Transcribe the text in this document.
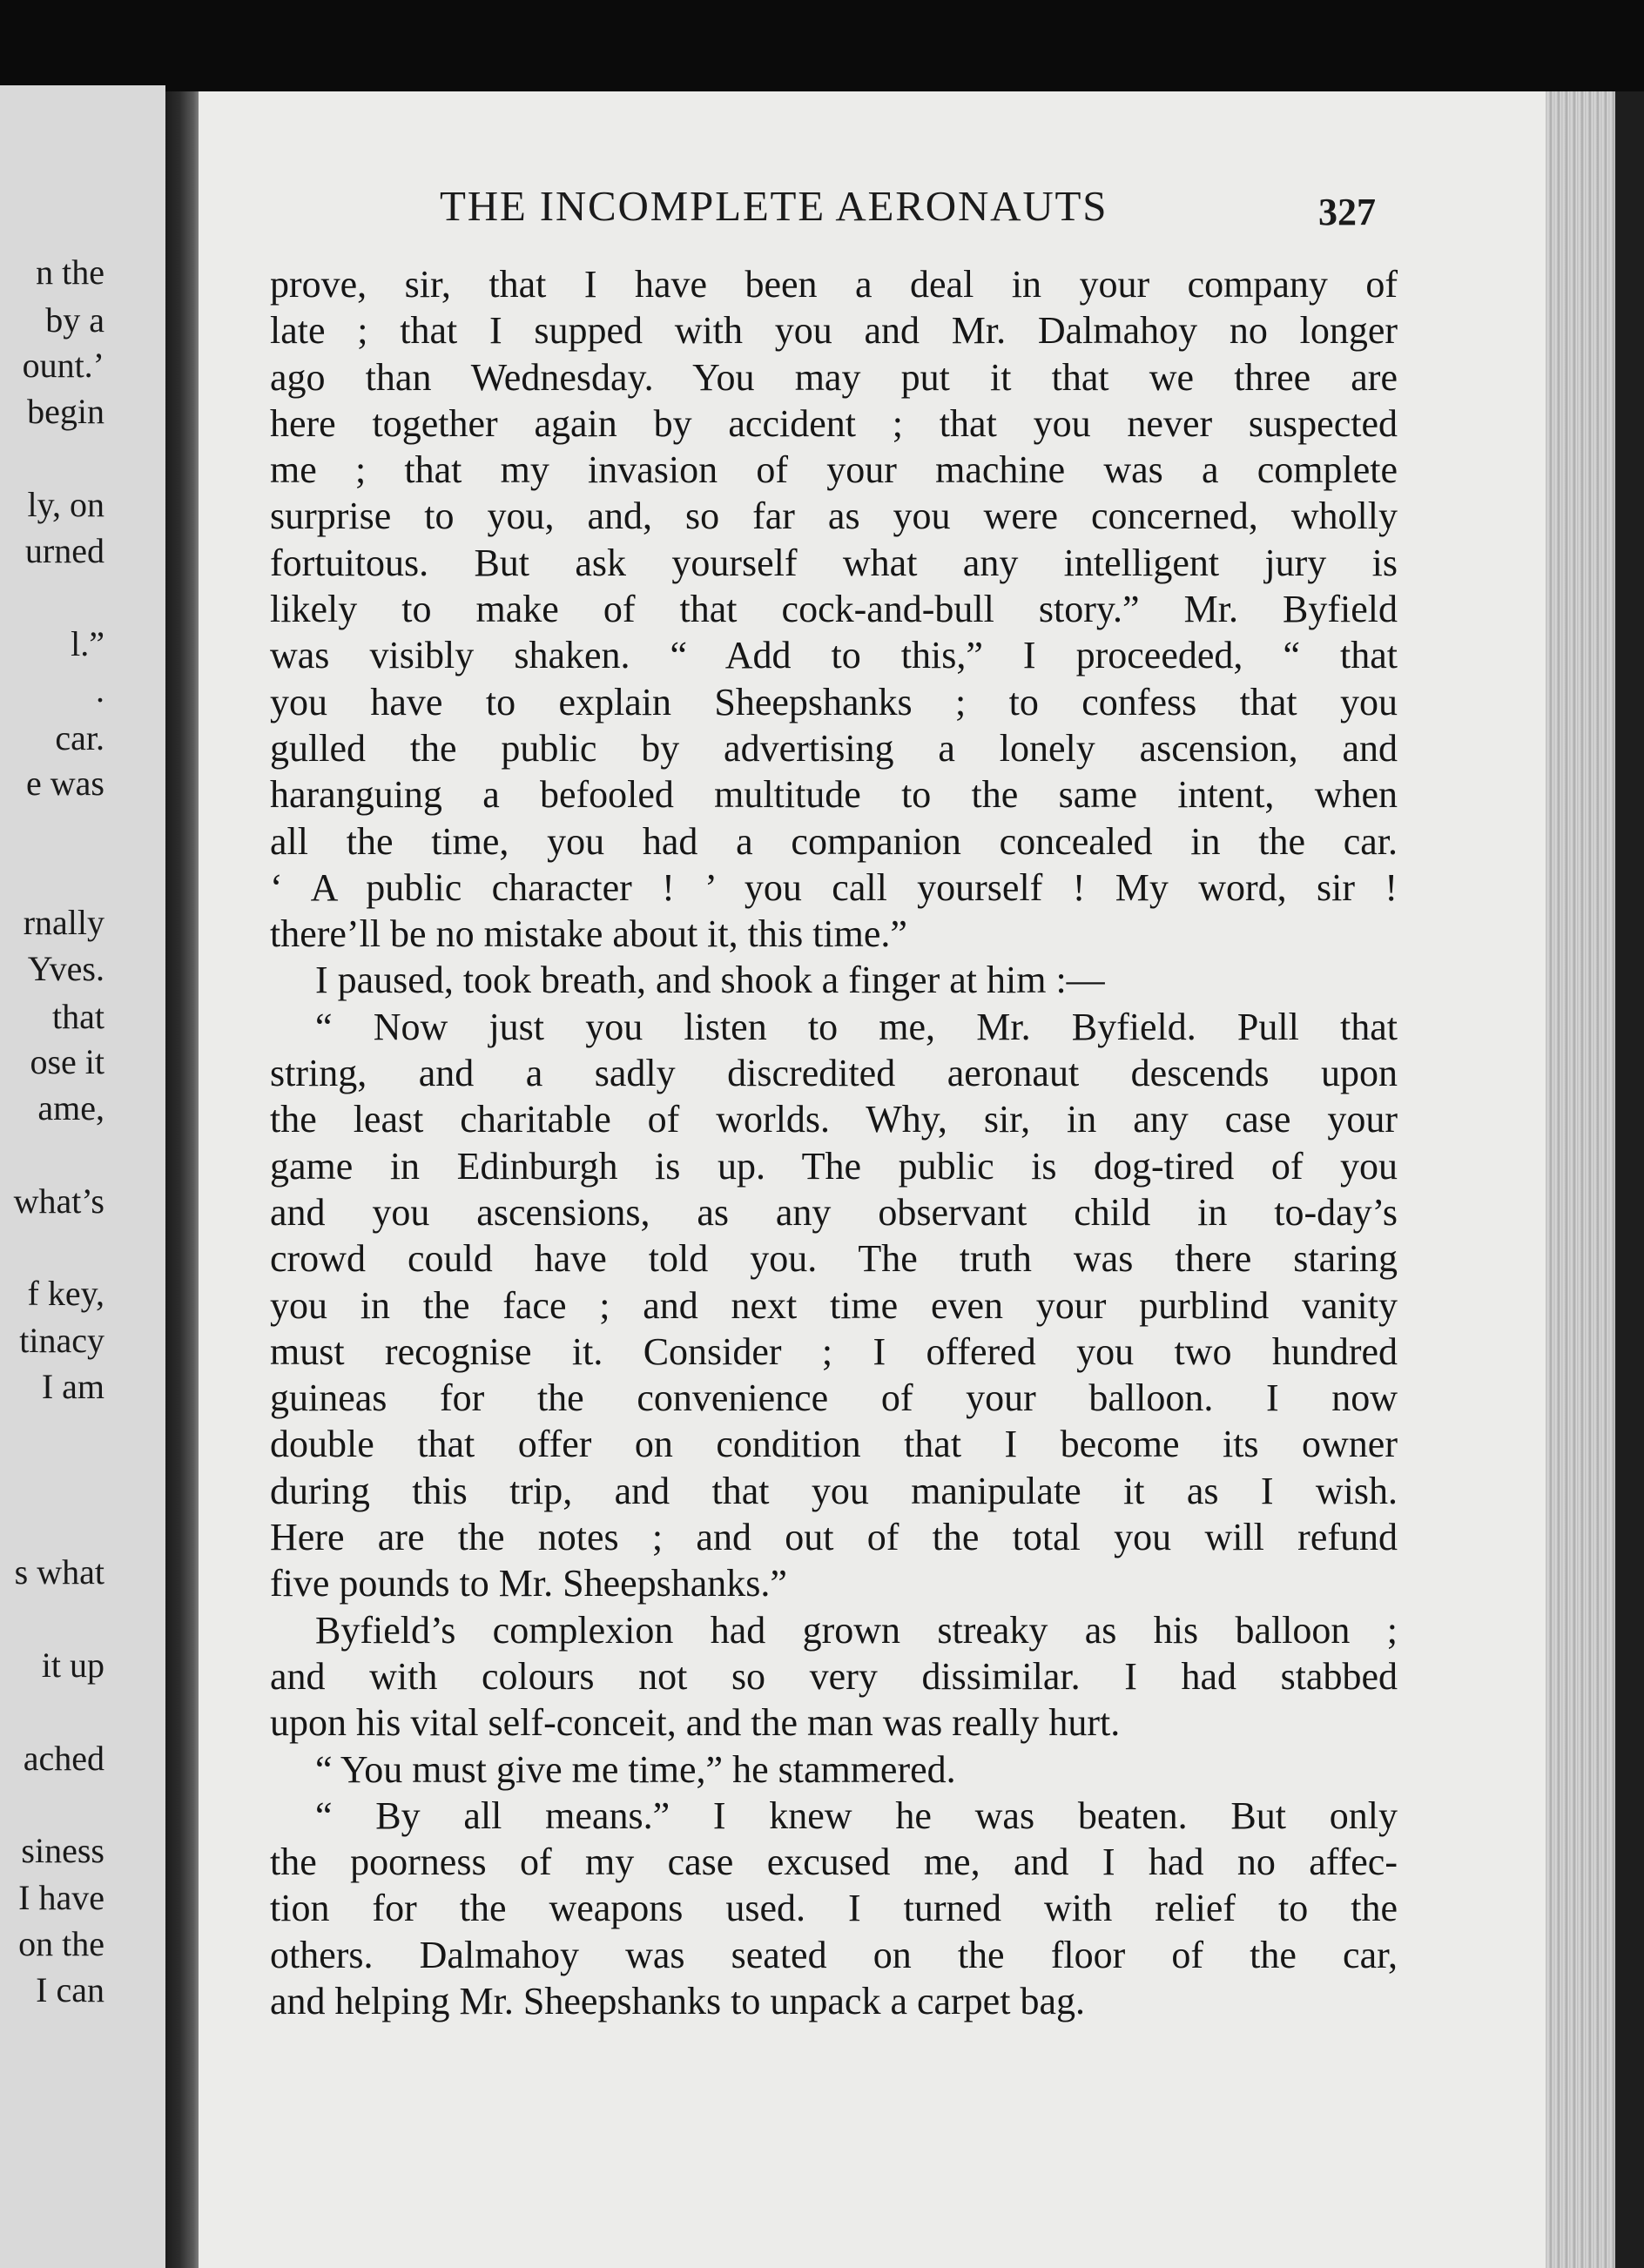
n the
by a
ount.’
begin
ly, on
urned
l.”
.
car.
e was
rnally
Yves.
that
ose it
ame,
what’s
f key,
tinacy
I am
s what
it up
ached
siness
I have
on the
I can
THE INCOMPLETE AERONAUTS	327
prove, sir, that I have been a deal in your company of
late ; that I supped with you and Mr. Dalmahoy no longer
ago than Wednesday. You may put it that we three are
here together again by accident ; that you never suspected
me ; that my invasion of your machine was a complete
surprise to you, and, so far as you were concerned, wholly
fortuitous. But ask yourself what any intelligent jury is
likely to make of that cock-and-bull story.” Mr. Byfield
was visibly shaken. “ Add to this,” I proceeded, “ that
you have to explain Sheepshanks ; to confess that you
gulled the public by advertising a lonely ascension, and
haranguing a befooled multitude to the same intent, when
all the time, you had a companion concealed in the car.
‘ A public character ! ’ you call yourself ! My word, sir !
there’ll be no mistake about it, this time.”
I paused, took breath, and shook a finger at him :—
“ Now just you listen to me, Mr. Byfield. Pull that
string, and a sadly discredited aeronaut descends upon
the least charitable of worlds. Why, sir, in any case your
game in Edinburgh is up. The public is dog-tired of you
and you ascensions, as any observant child in to-day’s
crowd could have told you. The truth was there staring
you in the face ; and next time even your purblind vanity
must recognise it. Consider ; I offered you two hundred
guineas for the convenience of your balloon. I now
double that offer on condition that I become its owner
during this trip, and that you manipulate it as I wish.
Here are the notes ; and out of the total you will refund
five pounds to Mr. Sheepshanks.”
Byfield’s complexion had grown streaky as his balloon ;
and with colours not so very dissimilar. I had stabbed
upon his vital self-conceit, and the man was really hurt.
“ You must give me time,” he stammered.
“ By all means.” I knew he was beaten. But only
the poorness of my case excused me, and I had no affec-
tion for the weapons used. I turned with relief to the
others. Dalmahoy was seated on the floor of the car,
and helping Mr. Sheepshanks to unpack a carpet bag.
